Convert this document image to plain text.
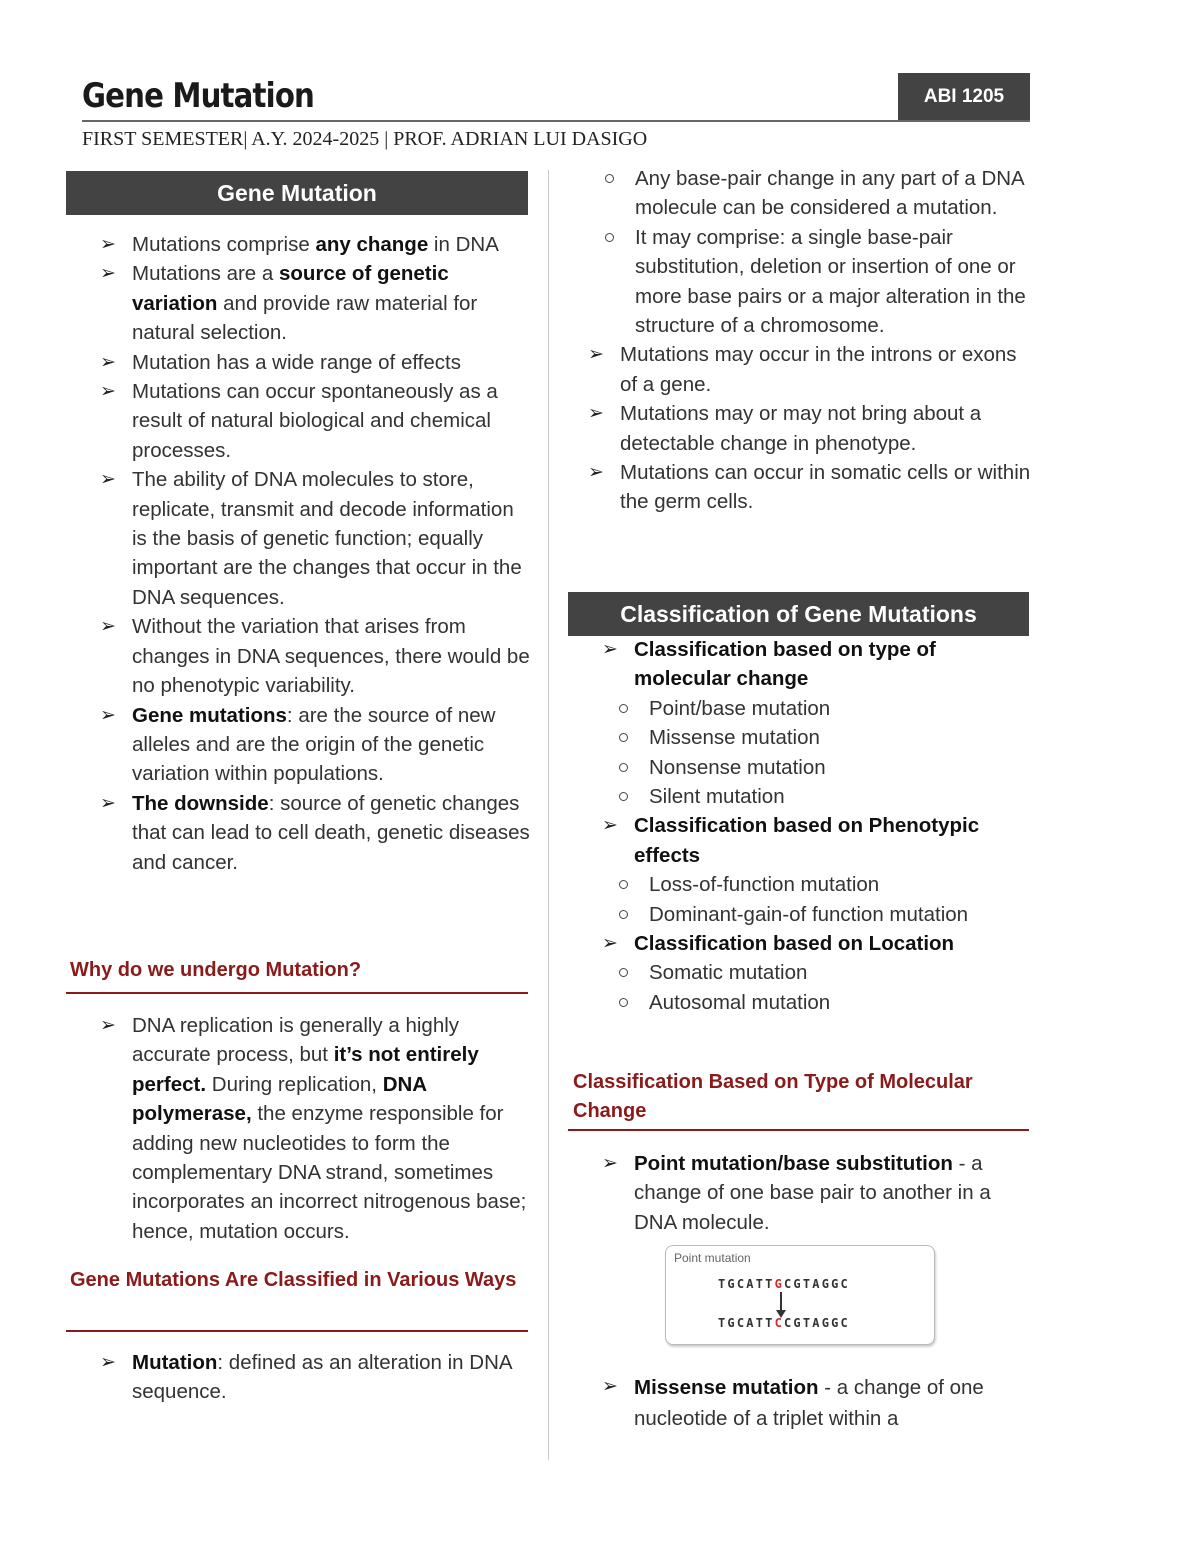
Gene Mutation	ABI 1205
FIRST SEMESTER| A.Y. 2024-2025 | PROF. ADRIAN LUI DASIGO
Gene Mutation
➢ Mutations comprise any change in DNA
➢ Mutations are a source of genetic variation and provide raw material for natural selection.
➢ Mutation has a wide range of effects
➢ Mutations can occur spontaneously as a result of natural biological and chemical processes.
➢ The ability of DNA molecules to store, replicate, transmit and decode information is the basis of genetic function; equally important are the changes that occur in the DNA sequences.
➢ Without the variation that arises from changes in DNA sequences, there would be no phenotypic variability.
➢ Gene mutations: are the source of new alleles and are the origin of the genetic variation within populations.
➢ The downside: source of genetic changes that can lead to cell death, genetic diseases and cancer.
Why do we undergo Mutation?
➢ DNA replication is generally a highly accurate process, but it’s not entirely perfect. During replication, DNA polymerase, the enzyme responsible for adding new nucleotides to form the complementary DNA strand, sometimes incorporates an incorrect nitrogenous base; hence, mutation occurs.
Gene Mutations Are Classified in Various Ways
➢ Mutation: defined as an alteration in DNA sequence.
Any base-pair change in any part of a DNA molecule can be considered a mutation.
It may comprise: a single base-pair substitution, deletion or insertion of one or more base pairs or a major alteration in the structure of a chromosome.
➢ Mutations may occur in the introns or exons of a gene.
➢ Mutations may or may not bring about a detectable change in phenotype.
➢ Mutations can occur in somatic cells or within the germ cells.
Classification of Gene Mutations
➢ Classification based on type of molecular change
Point/base mutation
Missense mutation
Nonsense mutation
Silent mutation
➢ Classification based on Phenotypic effects
Loss-of-function mutation
Dominant-gain-of function mutation
➢ Classification based on Location
Somatic mutation
Autosomal mutation
Classification Based on Type of Molecular Change
➢ Point mutation/base substitution - a change of one base pair to another in a DNA molecule.
Point mutation
TGCATTGCGTAGGC
TGCATTCCGTAGGC
➢ Missense mutation - a change of one nucleotide of a triplet within a
